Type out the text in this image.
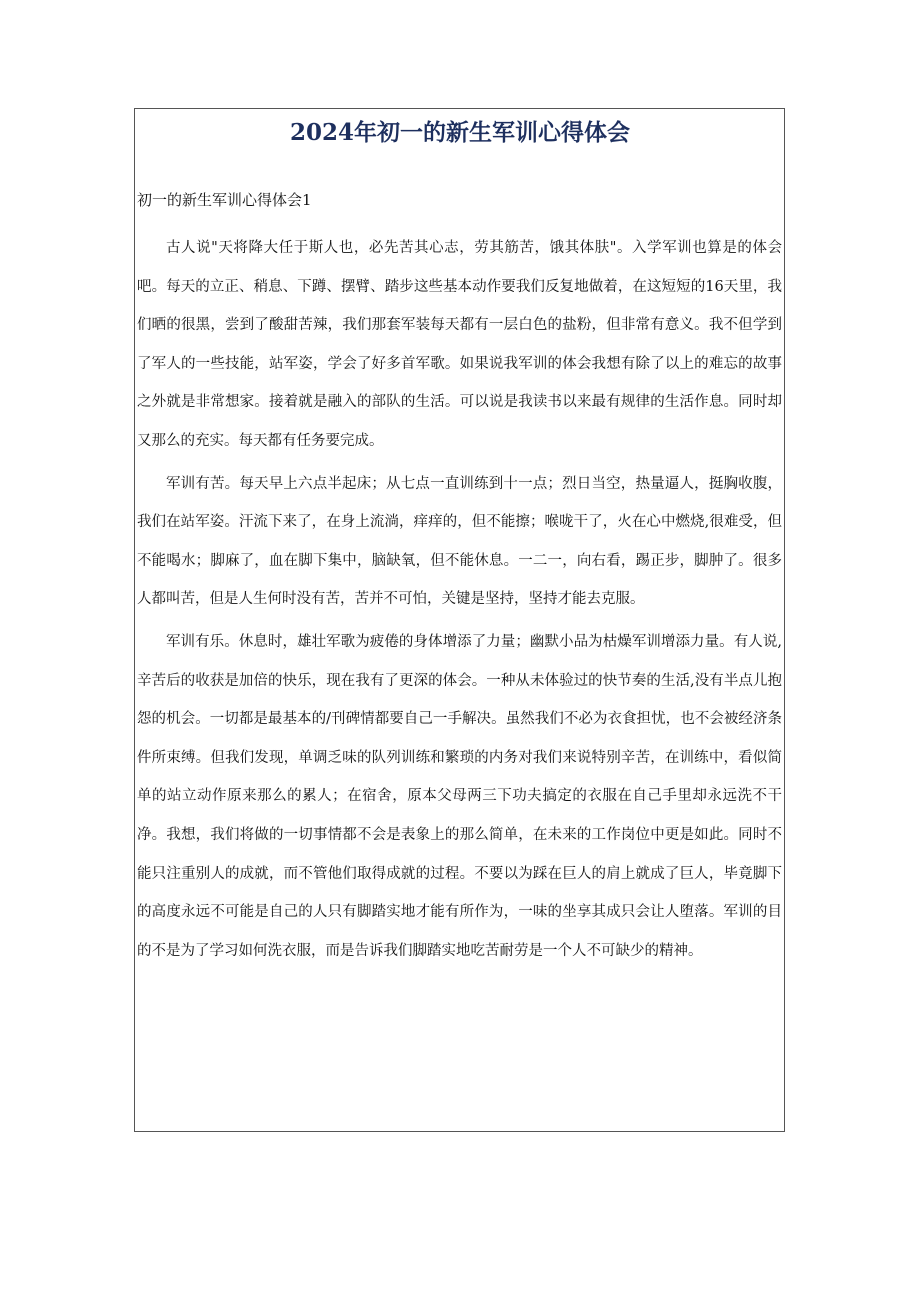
2024年初一的新生军训心得体会

初一的新生军训心得体会1

古人说"天将降大任于斯人也，必先苦其心志，劳其筋苦，饿其体肤"。入学军训也算是的体会吧。每天的立正、稍息、下蹲、摆臂、踏步这些基本动作要我们反复地做着，在这短短的16天里，我们晒的很黑，尝到了酸甜苦辣，我们那套军装每天都有一层白色的盐粉，但非常有意义。我不但学到了军人的一些技能，站军姿，学会了好多首军歌。如果说我军训的体会我想有除了以上的难忘的故事之外就是非常想家。接着就是融入的部队的生活。可以说是我读书以来最有规律的生活作息。同时却又那么的充实。每天都有任务要完成。

军训有苦。每天早上六点半起床；从七点一直训练到十一点；烈日当空，热量逼人，挺胸收腹，我们在站军姿。汗流下来了，在身上流淌，痒痒的，但不能擦；喉咙干了，火在心中燃烧,很难受，但不能喝水；脚麻了，血在脚下集中，脑缺氧，但不能休息。一二一，向右看，踢正步，脚肿了。很多人都叫苦，但是人生何时没有苦，苦并不可怕，关键是坚持，坚持才能去克服。

军训有乐。休息时，雄壮军歌为疲倦的身体增添了力量；幽默小品为枯燥军训增添力量。有人说,辛苦后的收获是加倍的快乐，现在我有了更深的体会。一种从未体验过的快节奏的生活,没有半点儿抱怨的机会。一切都是最基本的/刊碑情都要自己一手解决。虽然我们不必为衣食担忧，也不会被经济条件所束缚。但我们发现，单调乏味的队列训练和繁琐的内务对我们来说特别辛苦，在训练中，看似简单的站立动作原来那么的累人；在宿舍，原本父母两三下功夫搞定的衣服在自己手里却永远洗不干净。我想，我们将做的一切事情都不会是表象上的那么简单，在未来的工作岗位中更是如此。同时不能只注重别人的成就，而不管他们取得成就的过程。不要以为踩在巨人的肩上就成了巨人，毕竟脚下的高度永远不可能是自己的人只有脚踏实地才能有所作为，一味的坐享其成只会让人堕落。军训的目的不是为了学习如何洗衣服，而是告诉我们脚踏实地吃苦耐劳是一个人不可缺少的精神。
